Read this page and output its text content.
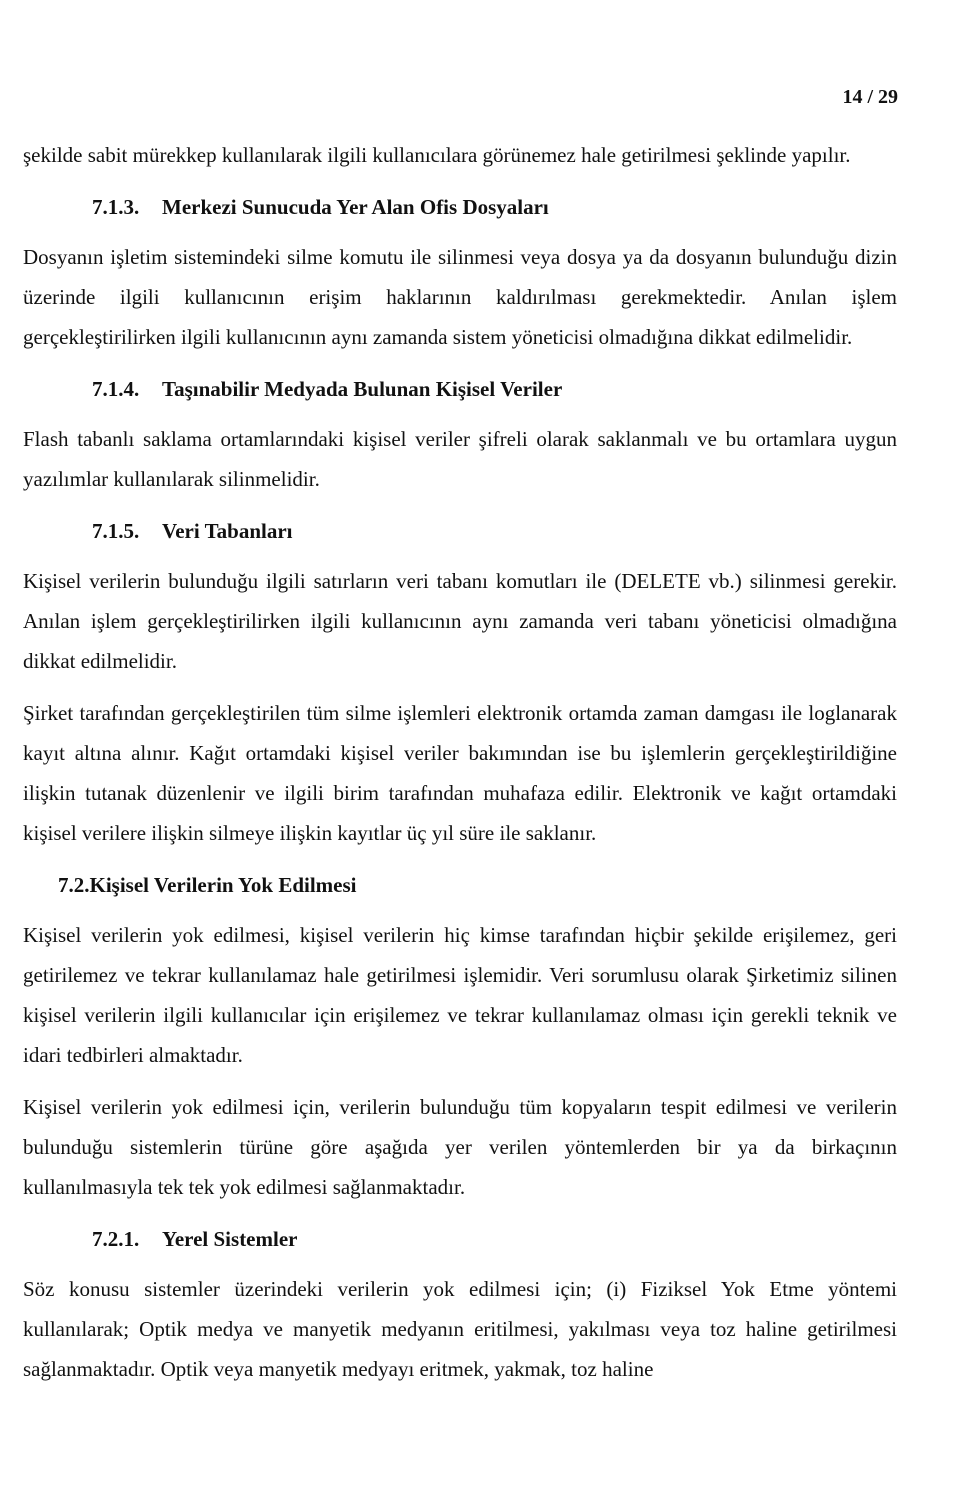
14 / 29

şekilde sabit mürekkep kullanılarak ilgili kullanıcılara görünemez hale getirilmesi şeklinde yapılır.

7.1.3. Merkezi Sunucuda Yer Alan Ofis Dosyaları

Dosyanın işletim sistemindeki silme komutu ile silinmesi veya dosya ya da dosyanın bulunduğu dizin üzerinde ilgili kullanıcının erişim haklarının kaldırılması gerekmektedir. Anılan işlem gerçekleştirilirken ilgili kullanıcının aynı zamanda sistem yöneticisi olmadığına dikkat edilmelidir.

7.1.4. Taşınabilir Medyada Bulunan Kişisel Veriler

Flash tabanlı saklama ortamlarındaki kişisel veriler şifreli olarak saklanmalı ve bu ortamlara uygun yazılımlar kullanılarak silinmelidir.

7.1.5. Veri Tabanları

Kişisel verilerin bulunduğu ilgili satırların veri tabanı komutları ile (DELETE vb.) silinmesi gerekir. Anılan işlem gerçekleştirilirken ilgili kullanıcının aynı zamanda veri tabanı yöneticisi olmadığına dikkat edilmelidir.

Şirket tarafından gerçekleştirilen tüm silme işlemleri elektronik ortamda zaman damgası ile loglanarak kayıt altına alınır. Kağıt ortamdaki kişisel veriler bakımından ise bu işlemlerin gerçekleştirildiğine ilişkin tutanak düzenlenir ve ilgili birim tarafından muhafaza edilir. Elektronik ve kağıt ortamdaki kişisel verilere ilişkin silmeye ilişkin kayıtlar üç yıl süre ile saklanır.

7.2.Kişisel Verilerin Yok Edilmesi

Kişisel verilerin yok edilmesi, kişisel verilerin hiç kimse tarafından hiçbir şekilde erişilemez, geri getirilemez ve tekrar kullanılamaz hale getirilmesi işlemidir. Veri sorumlusu olarak Şirketimiz silinen kişisel verilerin ilgili kullanıcılar için erişilemez ve tekrar kullanılamaz olması için gerekli teknik ve idari tedbirleri almaktadır.

Kişisel verilerin yok edilmesi için, verilerin bulunduğu tüm kopyaların tespit edilmesi ve verilerin bulunduğu sistemlerin türüne göre aşağıda yer verilen yöntemlerden bir ya da birkaçının kullanılmasıyla tek tek yok edilmesi sağlanmaktadır.

7.2.1. Yerel Sistemler

Söz konusu sistemler üzerindeki verilerin yok edilmesi için; (i) Fiziksel Yok Etme yöntemi kullanılarak; Optik medya ve manyetik medyanın eritilmesi, yakılması veya toz haline getirilmesi sağlanmaktadır. Optik veya manyetik medyayı eritmek, yakmak, toz haline
